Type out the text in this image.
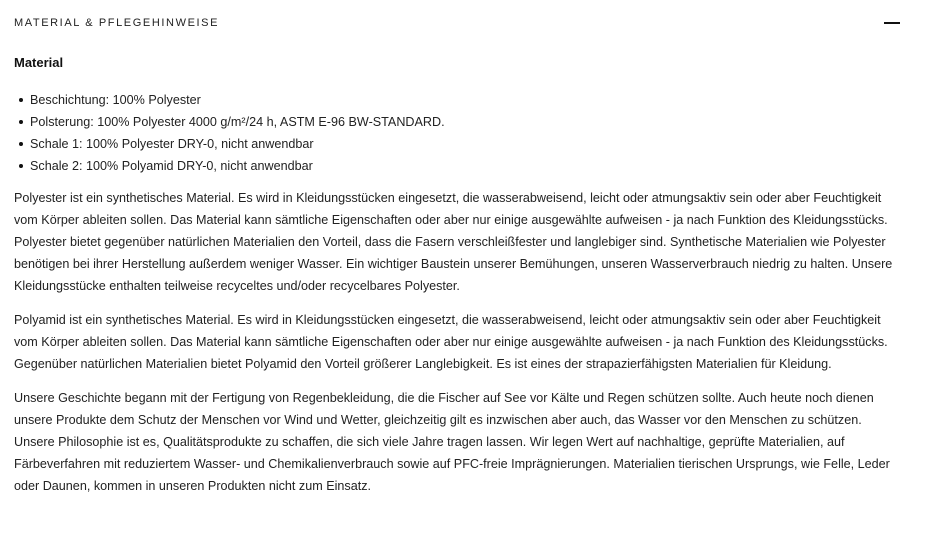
MATERIAL & PFLEGEHINWEISE
Material
Beschichtung: 100% Polyester
Polsterung: 100% Polyester 4000 g/m²/24 h, ASTM E-96 BW-STANDARD.
Schale 1: 100% Polyester DRY-0, nicht anwendbar
Schale 2: 100% Polyamid DRY-0, nicht anwendbar

Polyester ist ein synthetisches Material. Es wird in Kleidungsstücken eingesetzt, die wasserabweisend, leicht oder atmungsaktiv sein oder aber Feuchtigkeit vom Körper ableiten sollen. Das Material kann sämtliche Eigenschaften oder aber nur einige ausgewählte aufweisen - ja nach Funktion des Kleidungsstücks. Polyester bietet gegenüber natürlichen Materialien den Vorteil, dass die Fasern verschleißfester und langlebiger sind. Synthetische Materialien wie Polyester benötigen bei ihrer Herstellung außerdem weniger Wasser. Ein wichtiger Baustein unserer Bemühungen, unseren Wasserverbrauch niedrig zu halten. Unsere Kleidungsstücke enthalten teilweise recyceltes und/oder recycelbares Polyester.

Polyamid ist ein synthetisches Material. Es wird in Kleidungsstücken eingesetzt, die wasserabweisend, leicht oder atmungsaktiv sein oder aber Feuchtigkeit vom Körper ableiten sollen. Das Material kann sämtliche Eigenschaften oder aber nur einige ausgewählte aufweisen - ja nach Funktion des Kleidungsstücks. Gegenüber natürlichen Materialien bietet Polyamid den Vorteil größerer Langlebigkeit. Es ist eines der strapazierfähigsten Materialien für Kleidung.

Unsere Geschichte begann mit der Fertigung von Regenbekleidung, die die Fischer auf See vor Kälte und Regen schützen sollte. Auch heute noch dienen unsere Produkte dem Schutz der Menschen vor Wind und Wetter, gleichzeitig gilt es inzwischen aber auch, das Wasser vor den Menschen zu schützen. Unsere Philosophie ist es, Qualitätsprodukte zu schaffen, die sich viele Jahre tragen lassen. Wir legen Wert auf nachhaltige, geprüfte Materialien, auf Färbeverfahren mit reduziertem Wasser- und Chemikalienverbrauch sowie auf PFC-freie Imprägnierungen. Materialien tierischen Ursprungs, wie Felle, Leder oder Daunen, kommen in unseren Produkten nicht zum Einsatz.
